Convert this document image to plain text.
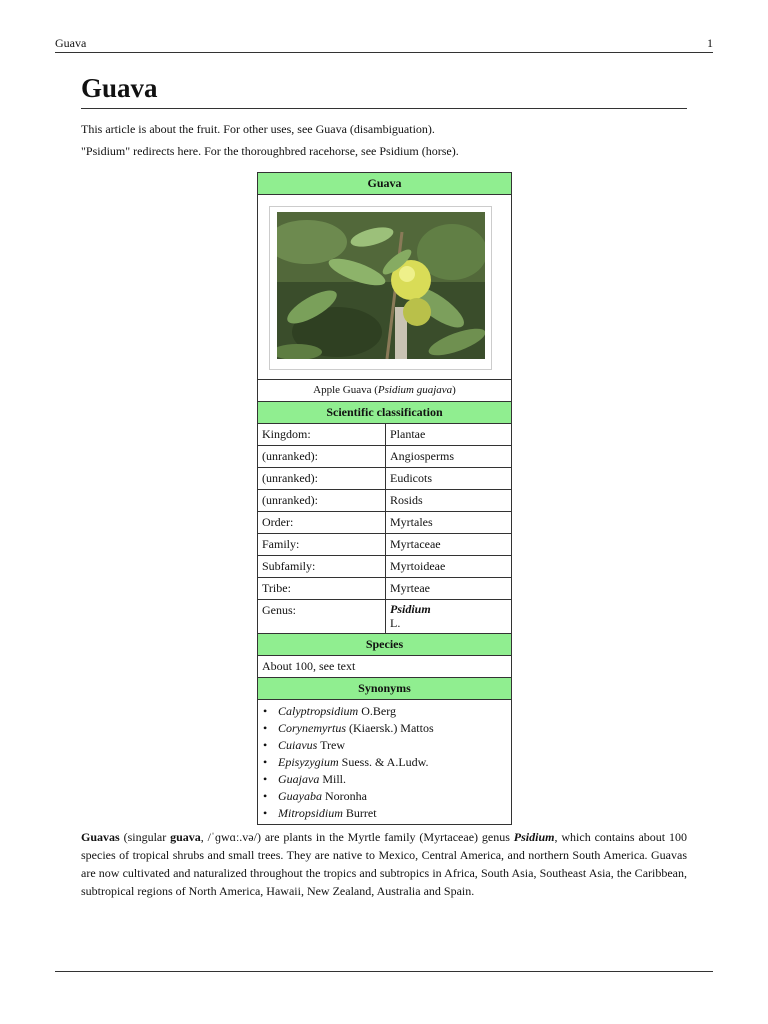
Guava	1
Guava
This article is about the fruit. For other uses, see Guava (disambiguation).
"Psidium" redirects here. For the thoroughbred racehorse, see Psidium (horse).
Guava
Apple Guava (Psidium guajava)
Scientific classification
Kingdom:	Plantae
(unranked):	Angiosperms
(unranked):	Eudicots
(unranked):	Rosids
Order:	Myrtales
Family:	Myrtaceae
Subfamily:	Myrtoideae
Tribe:	Myrteae
Genus:	Psidium
L.
Species
About 100, see text
Synonyms
• Calyptropsidium O.Berg
• Corynemyrtus (Kiaersk.) Mattos
• Cuiavus Trew
• Episyzygium Suess. & A.Ludw.
• Guajava Mill.
• Guayaba Noronha
• Mitropsidium Burret

Guavas (singular guava, /ˈɡwɑː.və/) are plants in the Myrtle family (Myrtaceae) genus Psidium, which contains about 100 species of tropical shrubs and small trees. They are native to Mexico, Central America, and northern South America. Guavas are now cultivated and naturalized throughout the tropics and subtropics in Africa, South Asia, Southeast Asia, the Caribbean, subtropical regions of North America, Hawaii, New Zealand, Australia and Spain.
